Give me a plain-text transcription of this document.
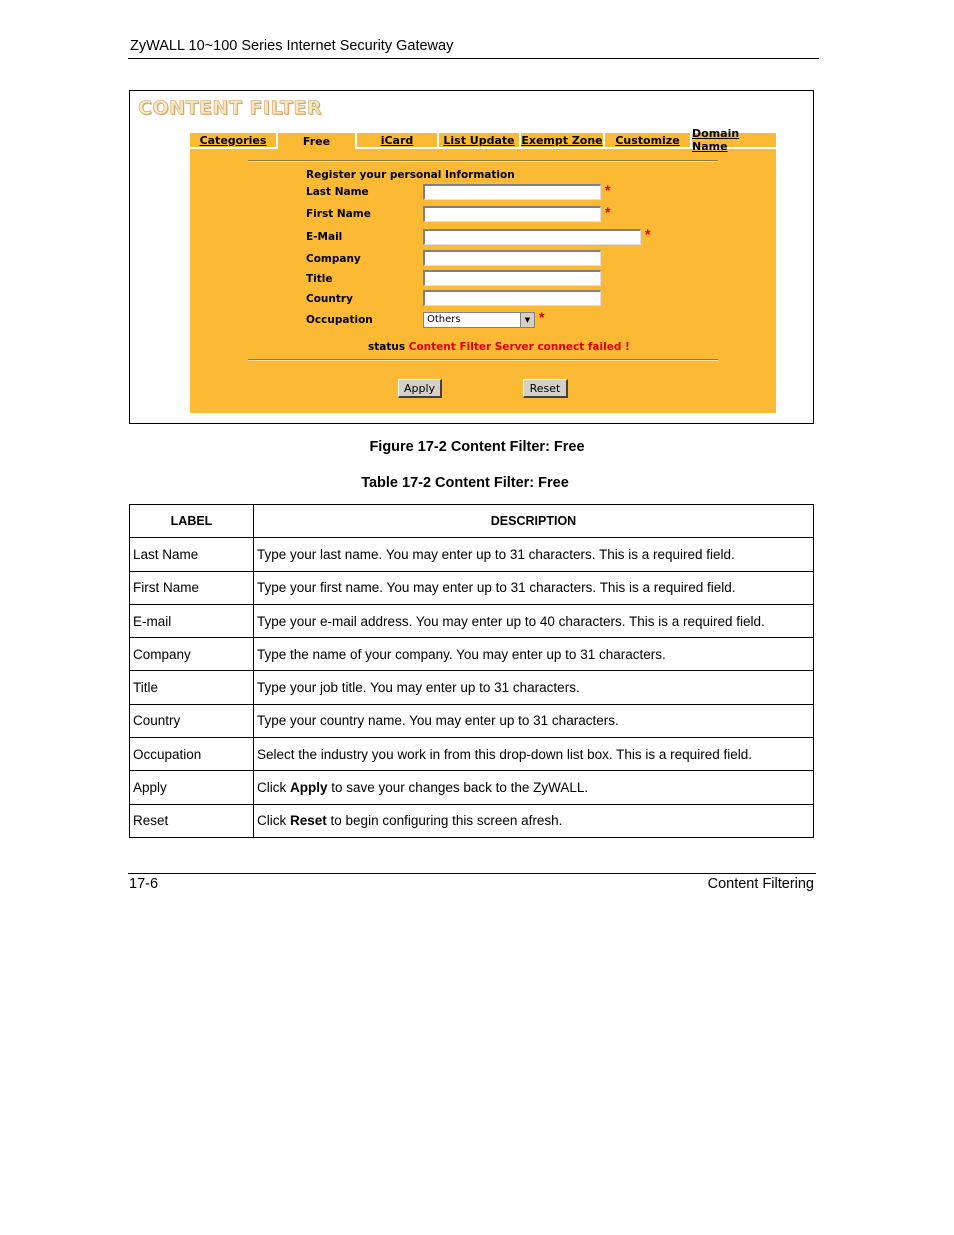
ZyWALL 10~100 Series Internet Security Gateway
CONTENT FILTER
Categories	Free	iCard	List Update Exempt Zone Customize Domain Name
Register your personal Information
Last Name	*
First Name	*
E-Mail	*
Company
Title
Country
Occupation	Others	▼ *
status Content Filter Server connect failed !
Apply	Reset
Figure 17-2 Content Filter: Free
Table 17-2 Content Filter: Free
LABEL	DESCRIPTION
Last Name	Type your last name. You may enter up to 31 characters. This is a required field.
First Name	Type your first name. You may enter up to 31 characters. This is a required field.
E-mail	Type your e-mail address. You may enter up to 40 characters. This is a required field.
Company	Type the name of your company. You may enter up to 31 characters.
Title	Type your job title. You may enter up to 31 characters.
Country	Type your country name. You may enter up to 31 characters.
Occupation	Select the industry you work in from this drop-down list box. This is a required field.
Apply	Click Apply to save your changes back to the ZyWALL.
Reset	Click Reset to begin configuring this screen afresh.
17-6	Content Filtering
